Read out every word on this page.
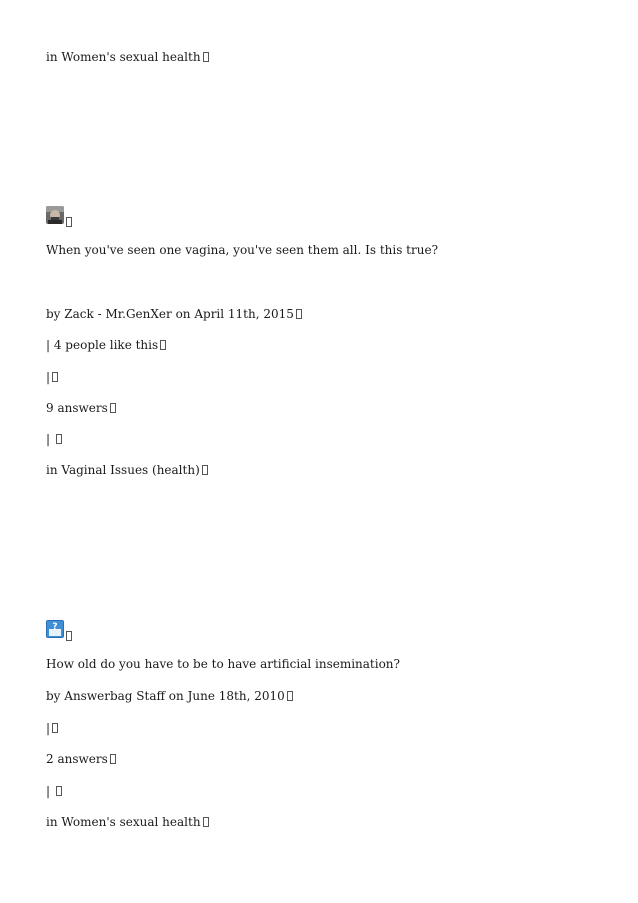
in Women's sexual health
When you've seen one vagina, you've seen them all. Is this true?
by Zack - Mr.GenXer on April 11th, 2015
| 4 people like this
|
9 answers
|
in Vaginal Issues (health)
?
How old do you have to be to have artificial insemination?
by Answerbag Staff on June 18th, 2010
|
2 answers
|
in Women's sexual health
